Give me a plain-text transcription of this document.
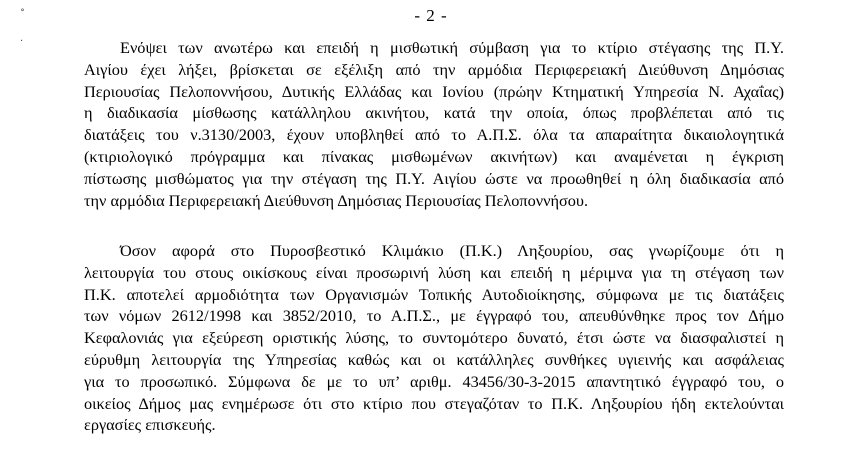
˚
·
- 2 -
Ενόψει των ανωτέρω και επειδή η μισθωτική σύμβαση για το κτίριο στέγασης της Π.Υ.
Αιγίου έχει λήξει, βρίσκεται σε εξέλιξη από την αρμόδια Περιφερειακή Διεύθυνση Δημόσιας
Περιουσίας Πελοποννήσου, Δυτικής Ελλάδας και Ιονίου (πρώην Κτηματική Υπηρεσία Ν. Αχαΐας)
η διαδικασία μίσθωσης κατάλληλου ακινήτου, κατά την οποία, όπως προβλέπεται από τις
διατάξεις του ν.3130/2003, έχουν υποβληθεί από το Α.Π.Σ. όλα τα απαραίτητα δικαιολογητικά
(κτιριολογικό πρόγραμμα και πίνακας μισθωμένων ακινήτων) και αναμένεται η έγκριση
πίστωσης μισθώματος για την στέγαση της Π.Υ. Αιγίου ώστε να προωθηθεί η όλη διαδικασία από
την αρμόδια Περιφερειακή Διεύθυνση Δημόσιας Περιουσίας Πελοποννήσου.
Όσον αφορά στο Πυροσβεστικό Κλιμάκιο (Π.Κ.) Ληξουρίου, σας γνωρίζουμε ότι η
λειτουργία του στους οικίσκους είναι προσωρινή λύση και επειδή η μέριμνα για τη στέγαση των
Π.Κ. αποτελεί αρμοδιότητα των Οργανισμών Τοπικής Αυτοδιοίκησης, σύμφωνα με τις διατάξεις
των νόμων 2612/1998 και 3852/2010, το Α.Π.Σ., με έγγραφό του, απευθύνθηκε προς τον Δήμο
Κεφαλονιάς για εξεύρεση οριστικής λύσης, το συντομότερο δυνατό, έτσι ώστε να διασφαλιστεί η
εύρυθμη λειτουργία της Υπηρεσίας καθώς και οι κατάλληλες συνθήκες υγιεινής και ασφάλειας
για το προσωπικό. Σύμφωνα δε με το υπ’ αριθμ. 43456/30-3-2015 απαντητικό έγγραφό του, ο
οικείος Δήμος μας ενημέρωσε ότι στο κτίριο που στεγαζόταν το Π.Κ. Ληξουρίου ήδη εκτελούνται
εργασίες επισκευής.
